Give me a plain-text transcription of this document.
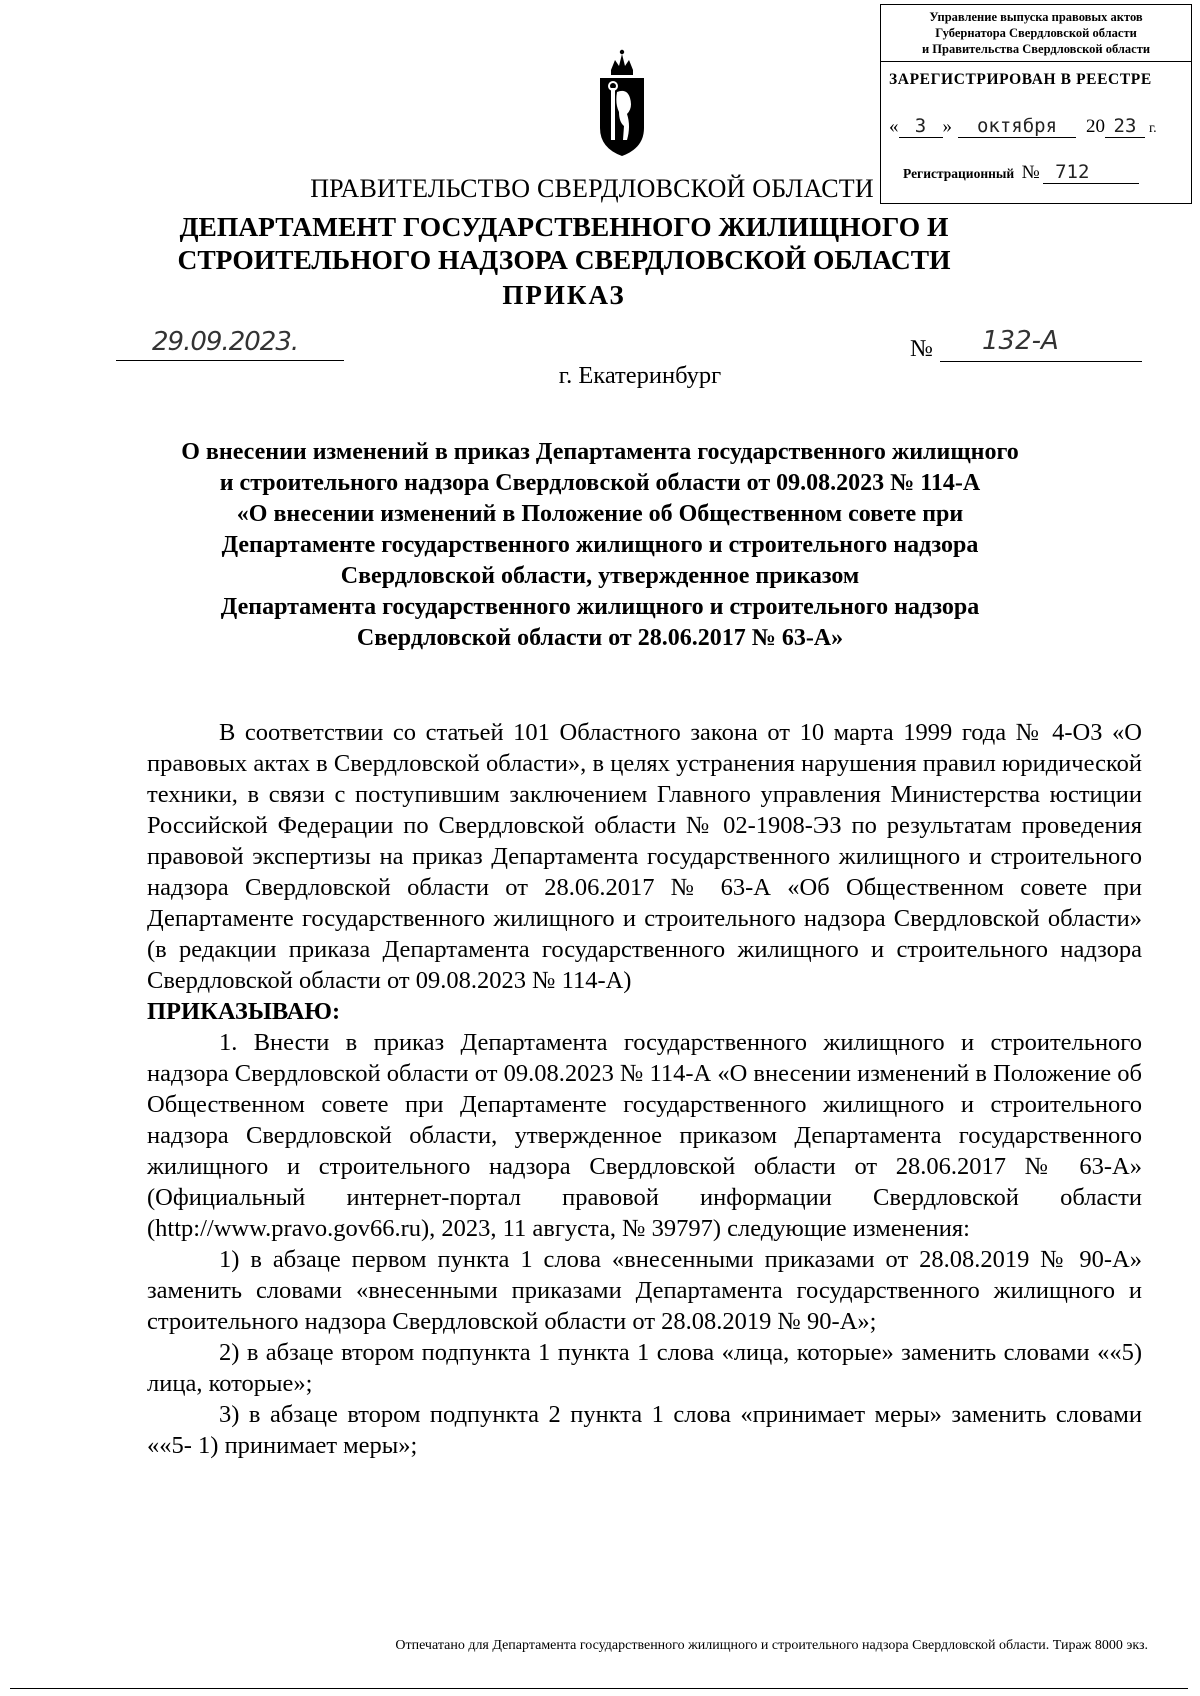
Управление выпуска правовых актов
Губернатора Свердловской области
и Правительства Свердловской области
ЗАРЕГИСТРИРОВАН В РЕЕСТРЕ
« 3 » октября 20 23 г.
Регистрационный № 712
ПРАВИТЕЛЬСТВО СВЕРДЛОВСКОЙ ОБЛАСТИ
ДЕПАРТАМЕНТ ГОСУДАРСТВЕННОГО ЖИЛИЩНОГО И
СТРОИТЕЛЬНОГО НАДЗОРА СВЕРДЛОВСКОЙ ОБЛАСТИ
ПРИКАЗ
29.09.2023.	№ 132-А
г. Екатеринбург
О внесении изменений в приказ Департамента государственного жилищного
и строительного надзора Свердловской области от 09.08.2023 № 114-А
«О внесении изменений в Положение об Общественном совете при
Департаменте государственного жилищного и строительного надзора
Свердловской области, утвержденное приказом
Департамента государственного жилищного и строительного надзора
Свердловской области от 28.06.2017 № 63-А»

В соответствии со статьей 101 Областного закона от 10 марта 1999 года № 4-ОЗ «О правовых актах в Свердловской области», в целях устранения нарушения правил юридической техники, в связи с поступившим заключением Главного управления Министерства юстиции Российской Федерации по Свердловской области № 02-1908-ЭЗ по результатам проведения правовой экспертизы на приказ Департамента государственного жилищного и строительного надзора Свердловской области от 28.06.2017 № 63-А «Об Общественном совете при Департаменте государственного жилищного и строительного надзора Свердловской области» (в редакции приказа Департамента государственного жилищного и строительного надзора Свердловской области от 09.08.2023 № 114-А)

ПРИКАЗЫВАЮ:

1. Внести в приказ Департамента государственного жилищного и строительного надзора Свердловской области от 09.08.2023 № 114-А «О внесении изменений в Положение об Общественном совете при Департаменте государственного жилищного и строительного надзора Свердловской области, утвержденное приказом Департамента государственного жилищного и строительного надзора Свердловской области от 28.06.2017 № 63-А» (Официальный интернет-портал правовой информации Свердловской области (http://www.pravo.gov66.ru), 2023, 11 августа, № 39797) следующие изменения:

1) в абзаце первом пункта 1 слова «внесенными приказами от 28.08.2019 № 90-А» заменить словами «внесенными приказами Департамента государственного жилищного и строительного надзора Свердловской области от 28.08.2019 № 90-А»;

2) в абзаце втором подпункта 1 пункта 1 слова «лица, которые» заменить словами ««5) лица, которые»;

3) в абзаце втором подпункта 2 пункта 1 слова «принимает меры» заменить словами ««5- 1) принимает меры»;

Отпечатано для Департамента государственного жилищного и строительного надзора Свердловской области. Тираж 8000 экз.
